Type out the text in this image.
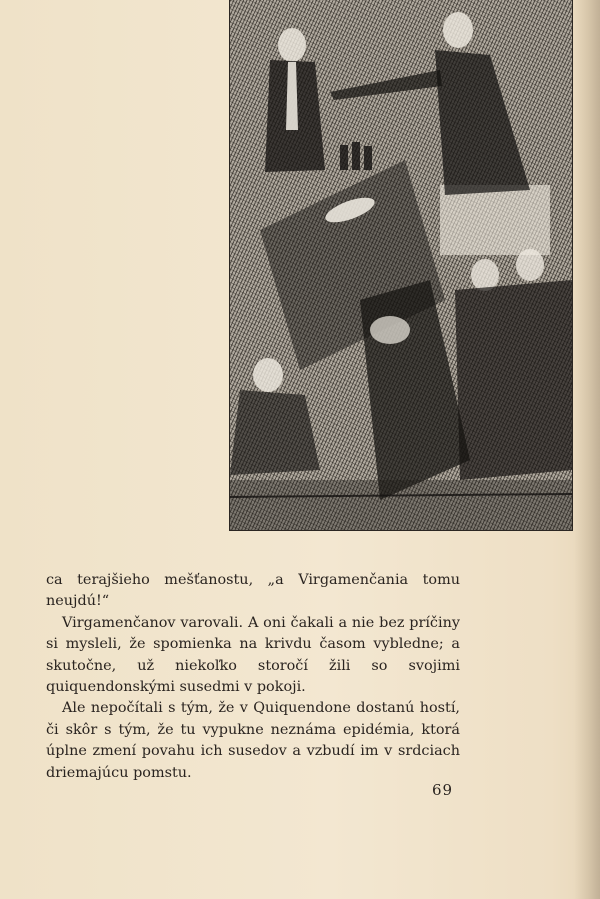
ca terajšieho mešťanostu, „a Virgamenčania tomu neujdú!“

Virgamenčanov varovali. A oni čakali a nie bez príčiny si mysleli, že spomienka na krivdu časom vybledne; a skutočne, už niekoľko storočí žili so svojimi quiquendonskými susedmi v pokoji.

Ale nepočítali s tým, že v Quiquendone dostanú hostí, či skôr s tým, že tu vypukne neznáma epidémia, ktorá úplne zmení povahu ich susedov a vzbudí im v srdciach driemajúcu pomstu.

69
